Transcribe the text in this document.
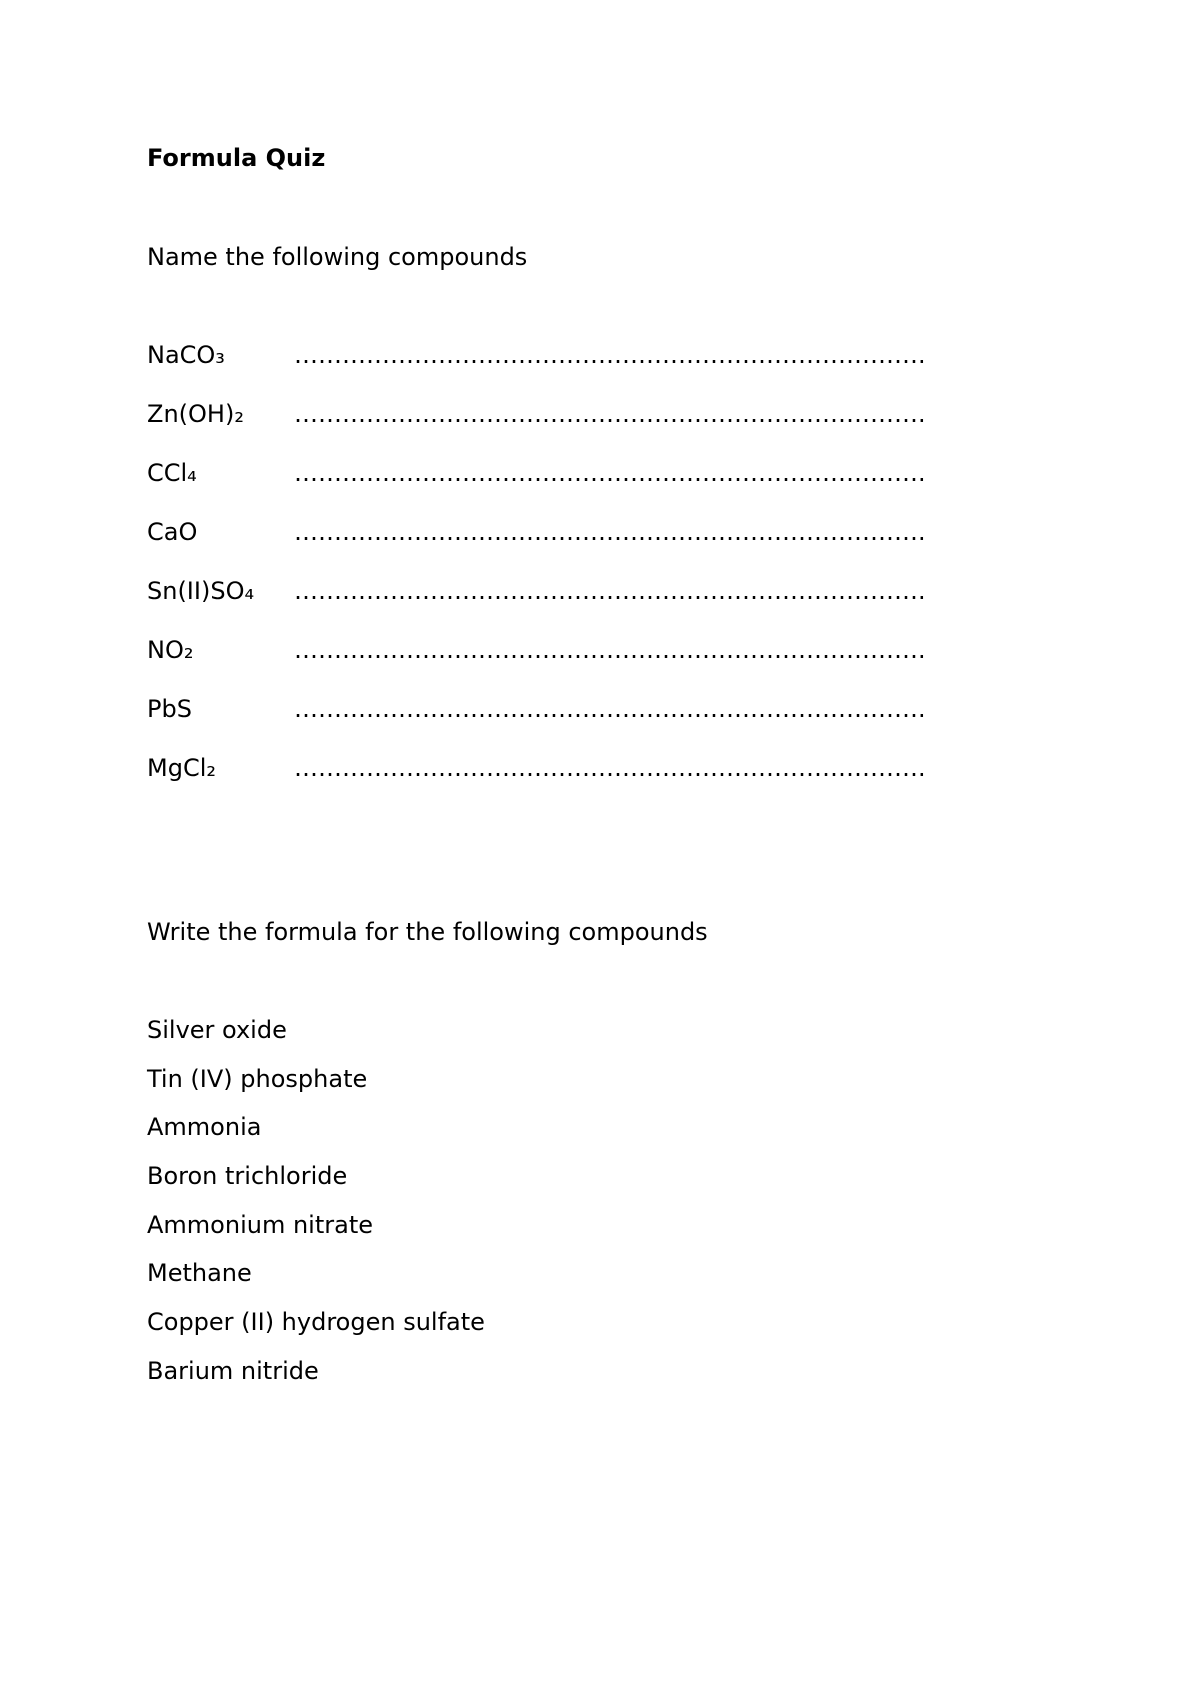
Formula Quiz
Name the following compounds
NaCO₃	…………………………………………………………………….
Zn(OH)₂ …………………………………………………………………….
CCl₄	…………………………………………………………………….
CaO	…………………………………………………………………….
Sn(II)SO₄ …………………………………………………………………….
NO₂	…………………………………………………………………….
PbS	…………………………………………………………………….
MgCl₂	…………………………………………………………………….
Write the formula for the following compounds
Silver oxide
Tin (IV) phosphate
Ammonia
Boron trichloride
Ammonium nitrate
Methane
Copper (II) hydrogen sulfate
Barium nitride
